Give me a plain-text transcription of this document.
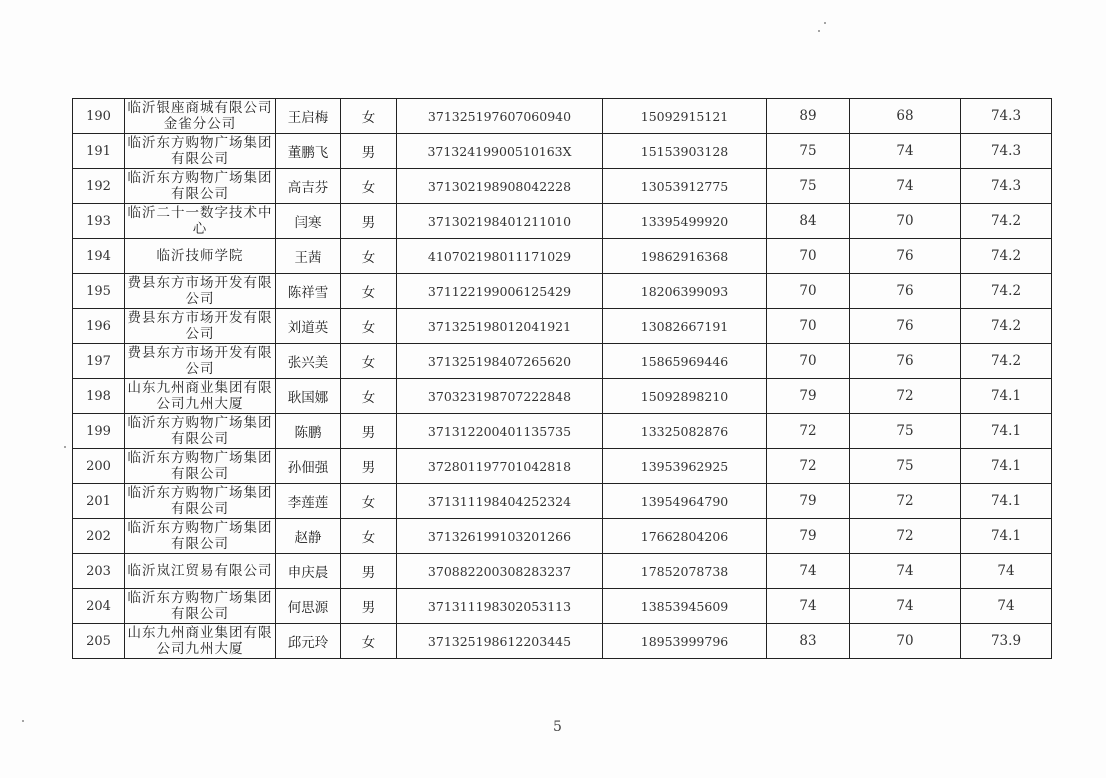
190	临沂银座商城有限公司金雀分公司	王启梅	女	371325197607060940	15092915121	89	68	74.3
191	临沂东方购物广场集团有限公司	董鹏飞	男	37132419900510163X	15153903128	75	74	74.3
192	临沂东方购物广场集团有限公司	高吉芬	女	371302198908042228	13053912775	75	74	74.3
193	临沂二十一数字技术中心	闫寒	男	371302198401211010	13395499920	84	70	74.2
194	临沂技师学院	王茜	女	410702198011171029	19862916368	70	76	74.2
195	费县东方市场开发有限公司	陈祥雪	女	371122199006125429	18206399093	70	76	74.2
196	费县东方市场开发有限公司	刘道英	女	371325198012041921	13082667191	70	76	74.2
197	费县东方市场开发有限公司	张兴美	女	371325198407265620	15865969446	70	76	74.2
198	山东九州商业集团有限公司九州大厦	耿国娜	女	370323198707222848	15092898210	79	72	74.1
199	临沂东方购物广场集团有限公司	陈鹏	男	371312200401135735	13325082876	72	75	74.1
200	临沂东方购物广场集团有限公司	孙佃强	男	372801197701042818	13953962925	72	75	74.1
201	临沂东方购物广场集团有限公司	李莲莲	女	371311198404252324	13954964790	79	72	74.1
202	临沂东方购物广场集团有限公司	赵静	女	371326199103201266	17662804206	79	72	74.1
203	临沂岚江贸易有限公司	申庆晨	男	370882200308283237	17852078738	74	74	74
204	临沂东方购物广场集团有限公司	何思源	男	371311198302053113	13853945609	74	74	74
205	山东九州商业集团有限公司九州大厦	邱元玲	女	371325198612203445	18953999796	83	70	73.9
5
